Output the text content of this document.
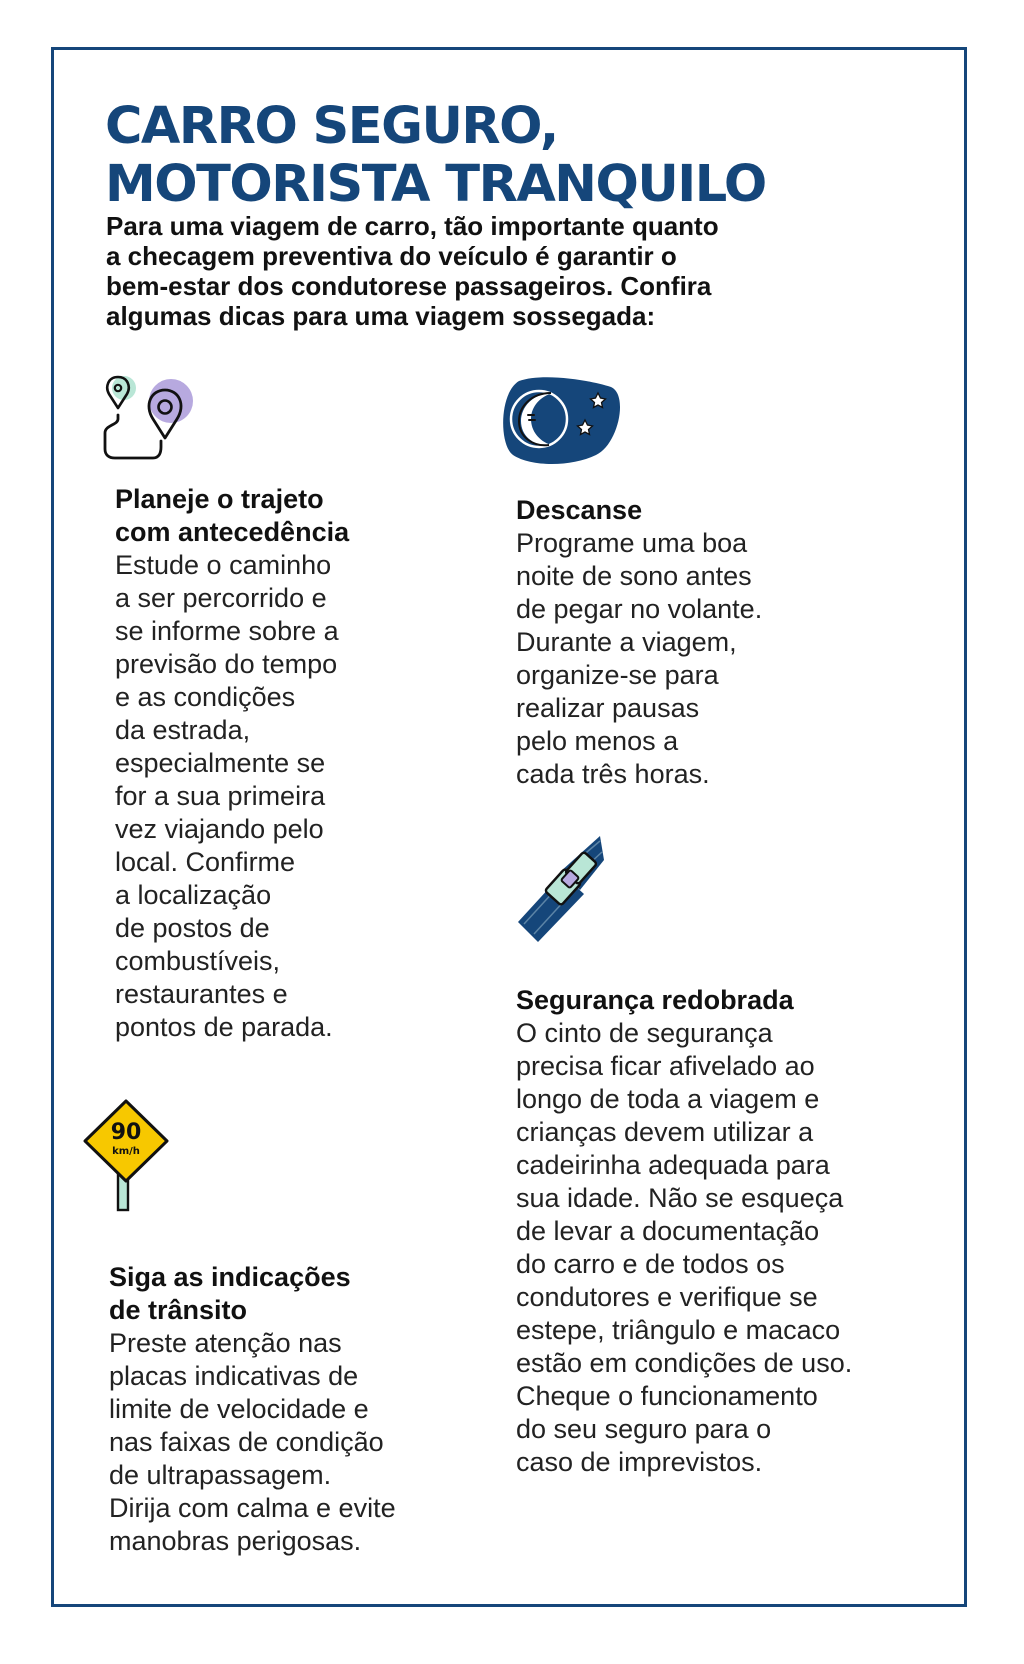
CARRO SEGURO,
MOTORISTA TRANQUILO

Para uma viagem de carro, tão importante quanto
a checagem preventiva do veículo é garantir o
bem-estar dos condutorese passageiros. Confira
algumas dicas para uma viagem sossegada:

90
km/h
Planeje o trajeto
com antecedência

Estude o caminho
a ser percorrido e
se informe sobre a
previsão do tempo
e as condições
da estrada,
especialmente se
for a sua primeira
vez viajando pelo
local. Confirme
a localização
de postos de
combustíveis,
restaurantes e
pontos de parada.

Descanse

Programe uma boa
noite de sono antes
de pegar no volante.
Durante a viagem,
organize-se para
realizar pausas
pelo menos a
cada três horas.

Siga as indicações
de trânsito

Preste atenção nas
placas indicativas de
limite de velocidade e
nas faixas de condição
de ultrapassagem.
Dirija com calma e evite
manobras perigosas.

Segurança redobrada

O cinto de segurança
precisa ficar afivelado ao
longo de toda a viagem e
crianças devem utilizar a
cadeirinha adequada para
sua idade. Não se esqueça
de levar a documentação
do carro e de todos os
condutores e verifique se
estepe, triângulo e macaco
estão em condições de uso.
Cheque o funcionamento
do seu seguro para o
caso de imprevistos.
